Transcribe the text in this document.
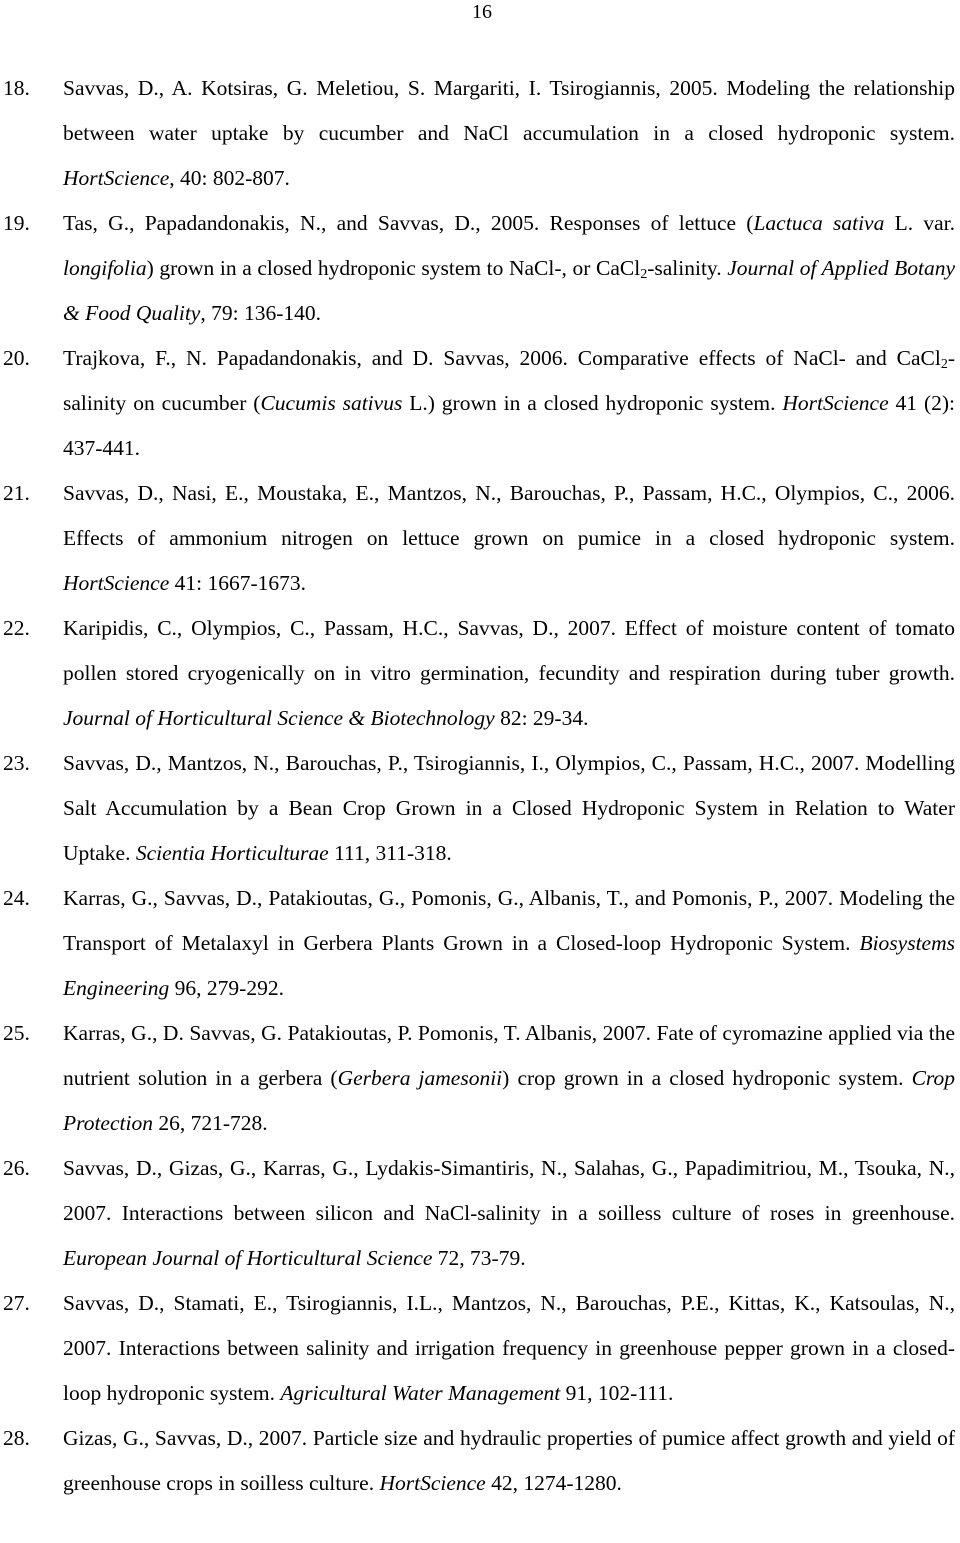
16

18. Savvas, D., A. Kotsiras, G. Meletiou, S. Margariti, I. Tsirogiannis, 2005. Modeling the relationship between water uptake by cucumber and NaCl accumulation in a closed hydroponic system. HortScience, 40: 802-807.

19. Tas, G., Papadandonakis, N., and Savvas, D., 2005. Responses of lettuce (Lactuca sativa L. var. longifolia) grown in a closed hydroponic system to NaCl-, or CaCl$_2$-salinity. Journal of Applied Botany & Food Quality, 79: 136-140.

20. Trajkova, F., N. Papadandonakis, and D. Savvas, 2006. Comparative effects of NaCl- and CaCl$_2$-salinity on cucumber (Cucumis sativus L.) grown in a closed hydroponic system. HortScience 41 (2): 437-441.

21. Savvas, D., Nasi, E., Moustaka, E., Mantzos, N., Barouchas, P., Passam, H.C., Olympios, C., 2006. Effects of ammonium nitrogen on lettuce grown on pumice in a closed hydroponic system. HortScience 41: 1667-1673.

22. Karipidis, C., Olympios, C., Passam, H.C., Savvas, D., 2007. Effect of moisture content of tomato pollen stored cryogenically on in vitro germination, fecundity and respiration during tuber growth. Journal of Horticultural Science & Biotechnology 82: 29-34.

23. Savvas, D., Mantzos, N., Barouchas, P., Tsirogiannis, I., Olympios, C., Passam, H.C., 2007. Modelling Salt Accumulation by a Bean Crop Grown in a Closed Hydroponic System in Relation to Water Uptake. Scientia Horticulturae 111, 311-318.

24. Karras, G., Savvas, D., Patakioutas, G., Pomonis, G., Albanis, T., and Pomonis, P., 2007. Modeling the Transport of Metalaxyl in Gerbera Plants Grown in a Closed-loop Hydroponic System. Biosystems Engineering 96, 279-292.

25. Karras, G., D. Savvas, G. Patakioutas, P. Pomonis, T. Albanis, 2007. Fate of cyromazine applied via the nutrient solution in a gerbera (Gerbera jamesonii) crop grown in a closed hydroponic system. Crop Protection 26, 721-728.

26. Savvas, D., Gizas, G., Karras, G., Lydakis-Simantiris, N., Salahas, G., Papadimitriou, M., Tsouka, N., 2007. Interactions between silicon and NaCl-salinity in a soilless culture of roses in greenhouse. European Journal of Horticultural Science 72, 73-79.

27. Savvas, D., Stamati, E., Tsirogiannis, I.L., Mantzos, N., Barouchas, P.E., Kittas, K., Katsoulas, N., 2007. Interactions between salinity and irrigation frequency in greenhouse pepper grown in a closed-loop hydroponic system. Agricultural Water Management 91, 102-111.

28. Gizas, G., Savvas, D., 2007. Particle size and hydraulic properties of pumice affect growth and yield of greenhouse crops in soilless culture. HortScience 42, 1274-1280.
